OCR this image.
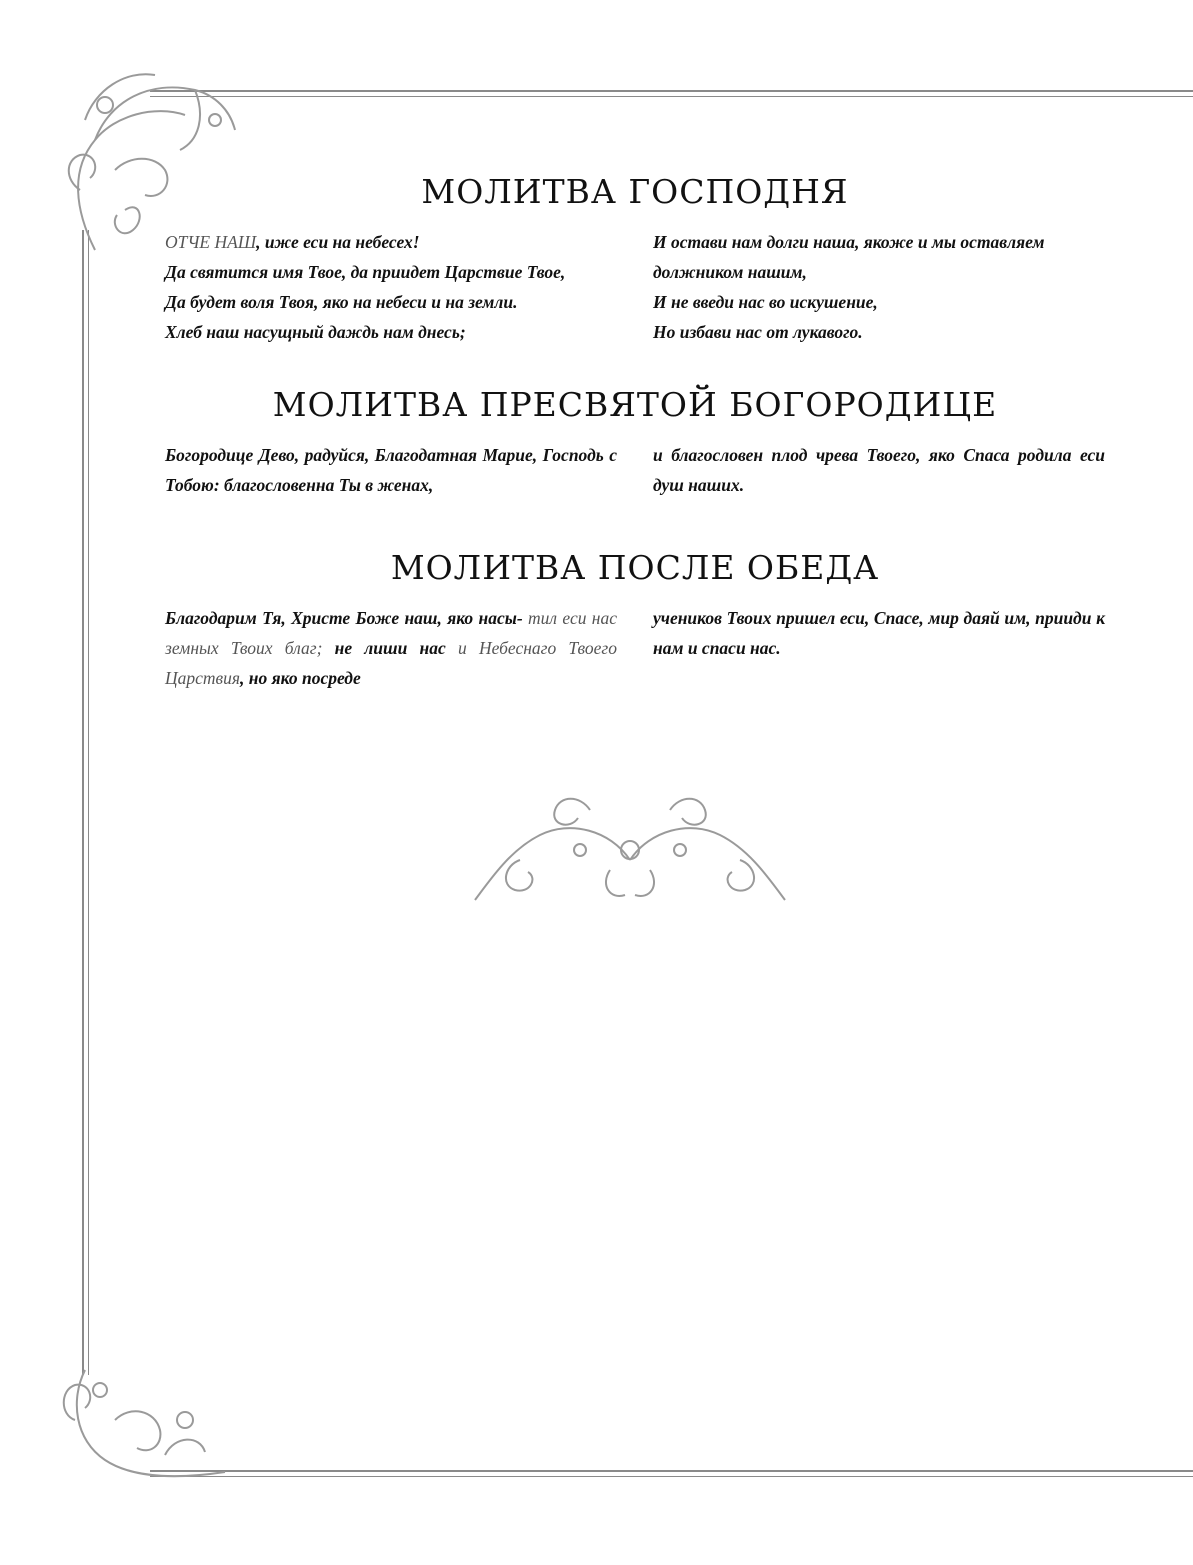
МОЛИТВА ГОСПОДНЯ

ОТЧЕ НАШ, иже еси на небесех!

Да святится имя Твое, да приидет Царствие Твое,

Да будет воля Твоя, яко на небеси и на земли.

Хлеб наш насущный даждь нам днесь;

И остави нам долги наша, якоже и мы оставляем должником нашим,

И не введи нас во искушение,

Но избави нас от лукавого.

МОЛИТВА ПРЕСВЯТОЙ БОГОРОДИЦЕ
Богородице Дево, радуйся, Благодатная Марие, Господь с Тобою: благословенна Ты в женах,
и благословен плод чрева Твоего, яко Спаса родила еси душ наших.
МОЛИТВА ПОСЛЕ ОБЕДА
Благодарим Тя, Христе Боже наш, яко насы- тил еси нас земных Твоих благ; не лиши нас и Небеснаго Твоего Царствия, но яко посреде
учеников Твоих пришел еси, Спасе, мир даяй им, прииди к нам и спаси нас.
